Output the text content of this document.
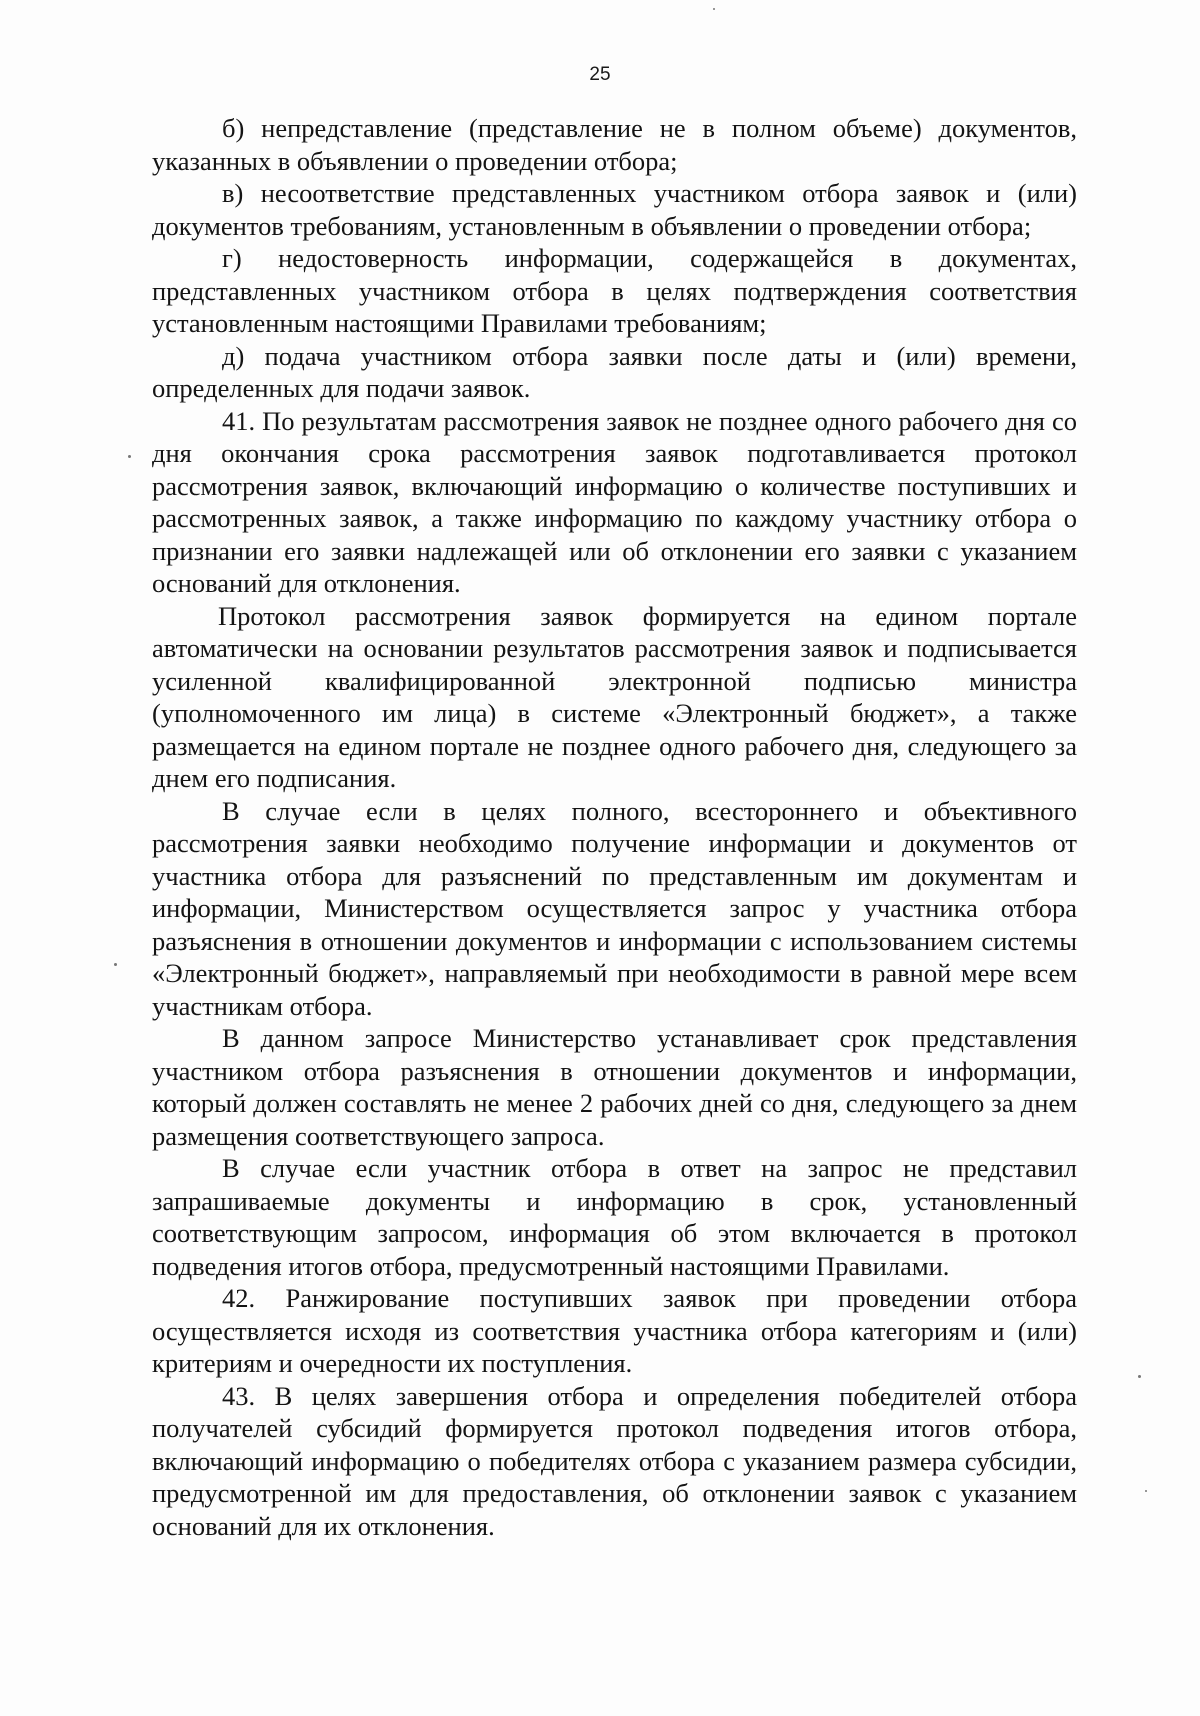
25

б) непредставление (представление не в полном объеме) документов, указанных в объявлении о проведении отбора;

в) несоответствие представленных участником отбора заявок и (или) документов требованиям, установленным в объявлении о проведении отбора;

г) недостоверность информации, содержащейся в документах, представленных участником отбора в целях подтверждения соответствия установленным настоящими Правилами требованиям;

д) подача участником отбора заявки после даты и (или) времени, определенных для подачи заявок.

41. По результатам рассмотрения заявок не позднее одного рабочего дня со дня окончания срока рассмотрения заявок подготавливается протокол рассмотрения заявок, включающий информацию о количестве поступивших и рассмотренных заявок, а также информацию по каждому участнику отбора о признании его заявки надлежащей или об отклонении его заявки с указанием оснований для отклонения.

Протокол рассмотрения заявок формируется на едином портале автоматически на основании результатов рассмотрения заявок и подписывается усиленной квалифицированной электронной подписью министра (уполномоченного им лица) в системе «Электронный бюджет», а также размещается на едином портале не позднее одного рабочего дня, следующего за днем его подписания.

В случае если в целях полного, всестороннего и объективного рассмотрения заявки необходимо получение информации и документов от участника отбора для разъяснений по представленным им документам и информации, Министерством осуществляется запрос у участника отбора разъяснения в отношении документов и информации с использованием системы «Электронный бюджет», направляемый при необходимости в равной мере всем участникам отбора.

В данном запросе Министерство устанавливает срок представления участником отбора разъяснения в отношении документов и информации, который должен составлять не менее 2 рабочих дней со дня, следующего за днем размещения соответствующего запроса.

В случае если участник отбора в ответ на запрос не представил запрашиваемые документы и информацию в срок, установленный соответствующим запросом, информация об этом включается в протокол подведения итогов отбора, предусмотренный настоящими Правилами.

42. Ранжирование поступивших заявок при проведении отбора осуществляется исходя из соответствия участника отбора категориям и (или) критериям и очередности их поступления.

43. В целях завершения отбора и определения победителей отбора получателей субсидий формируется протокол подведения итогов отбора, включающий информацию о победителях отбора с указанием размера субсидии, предусмотренной им для предоставления, об отклонении заявок с указанием оснований для их отклонения.
